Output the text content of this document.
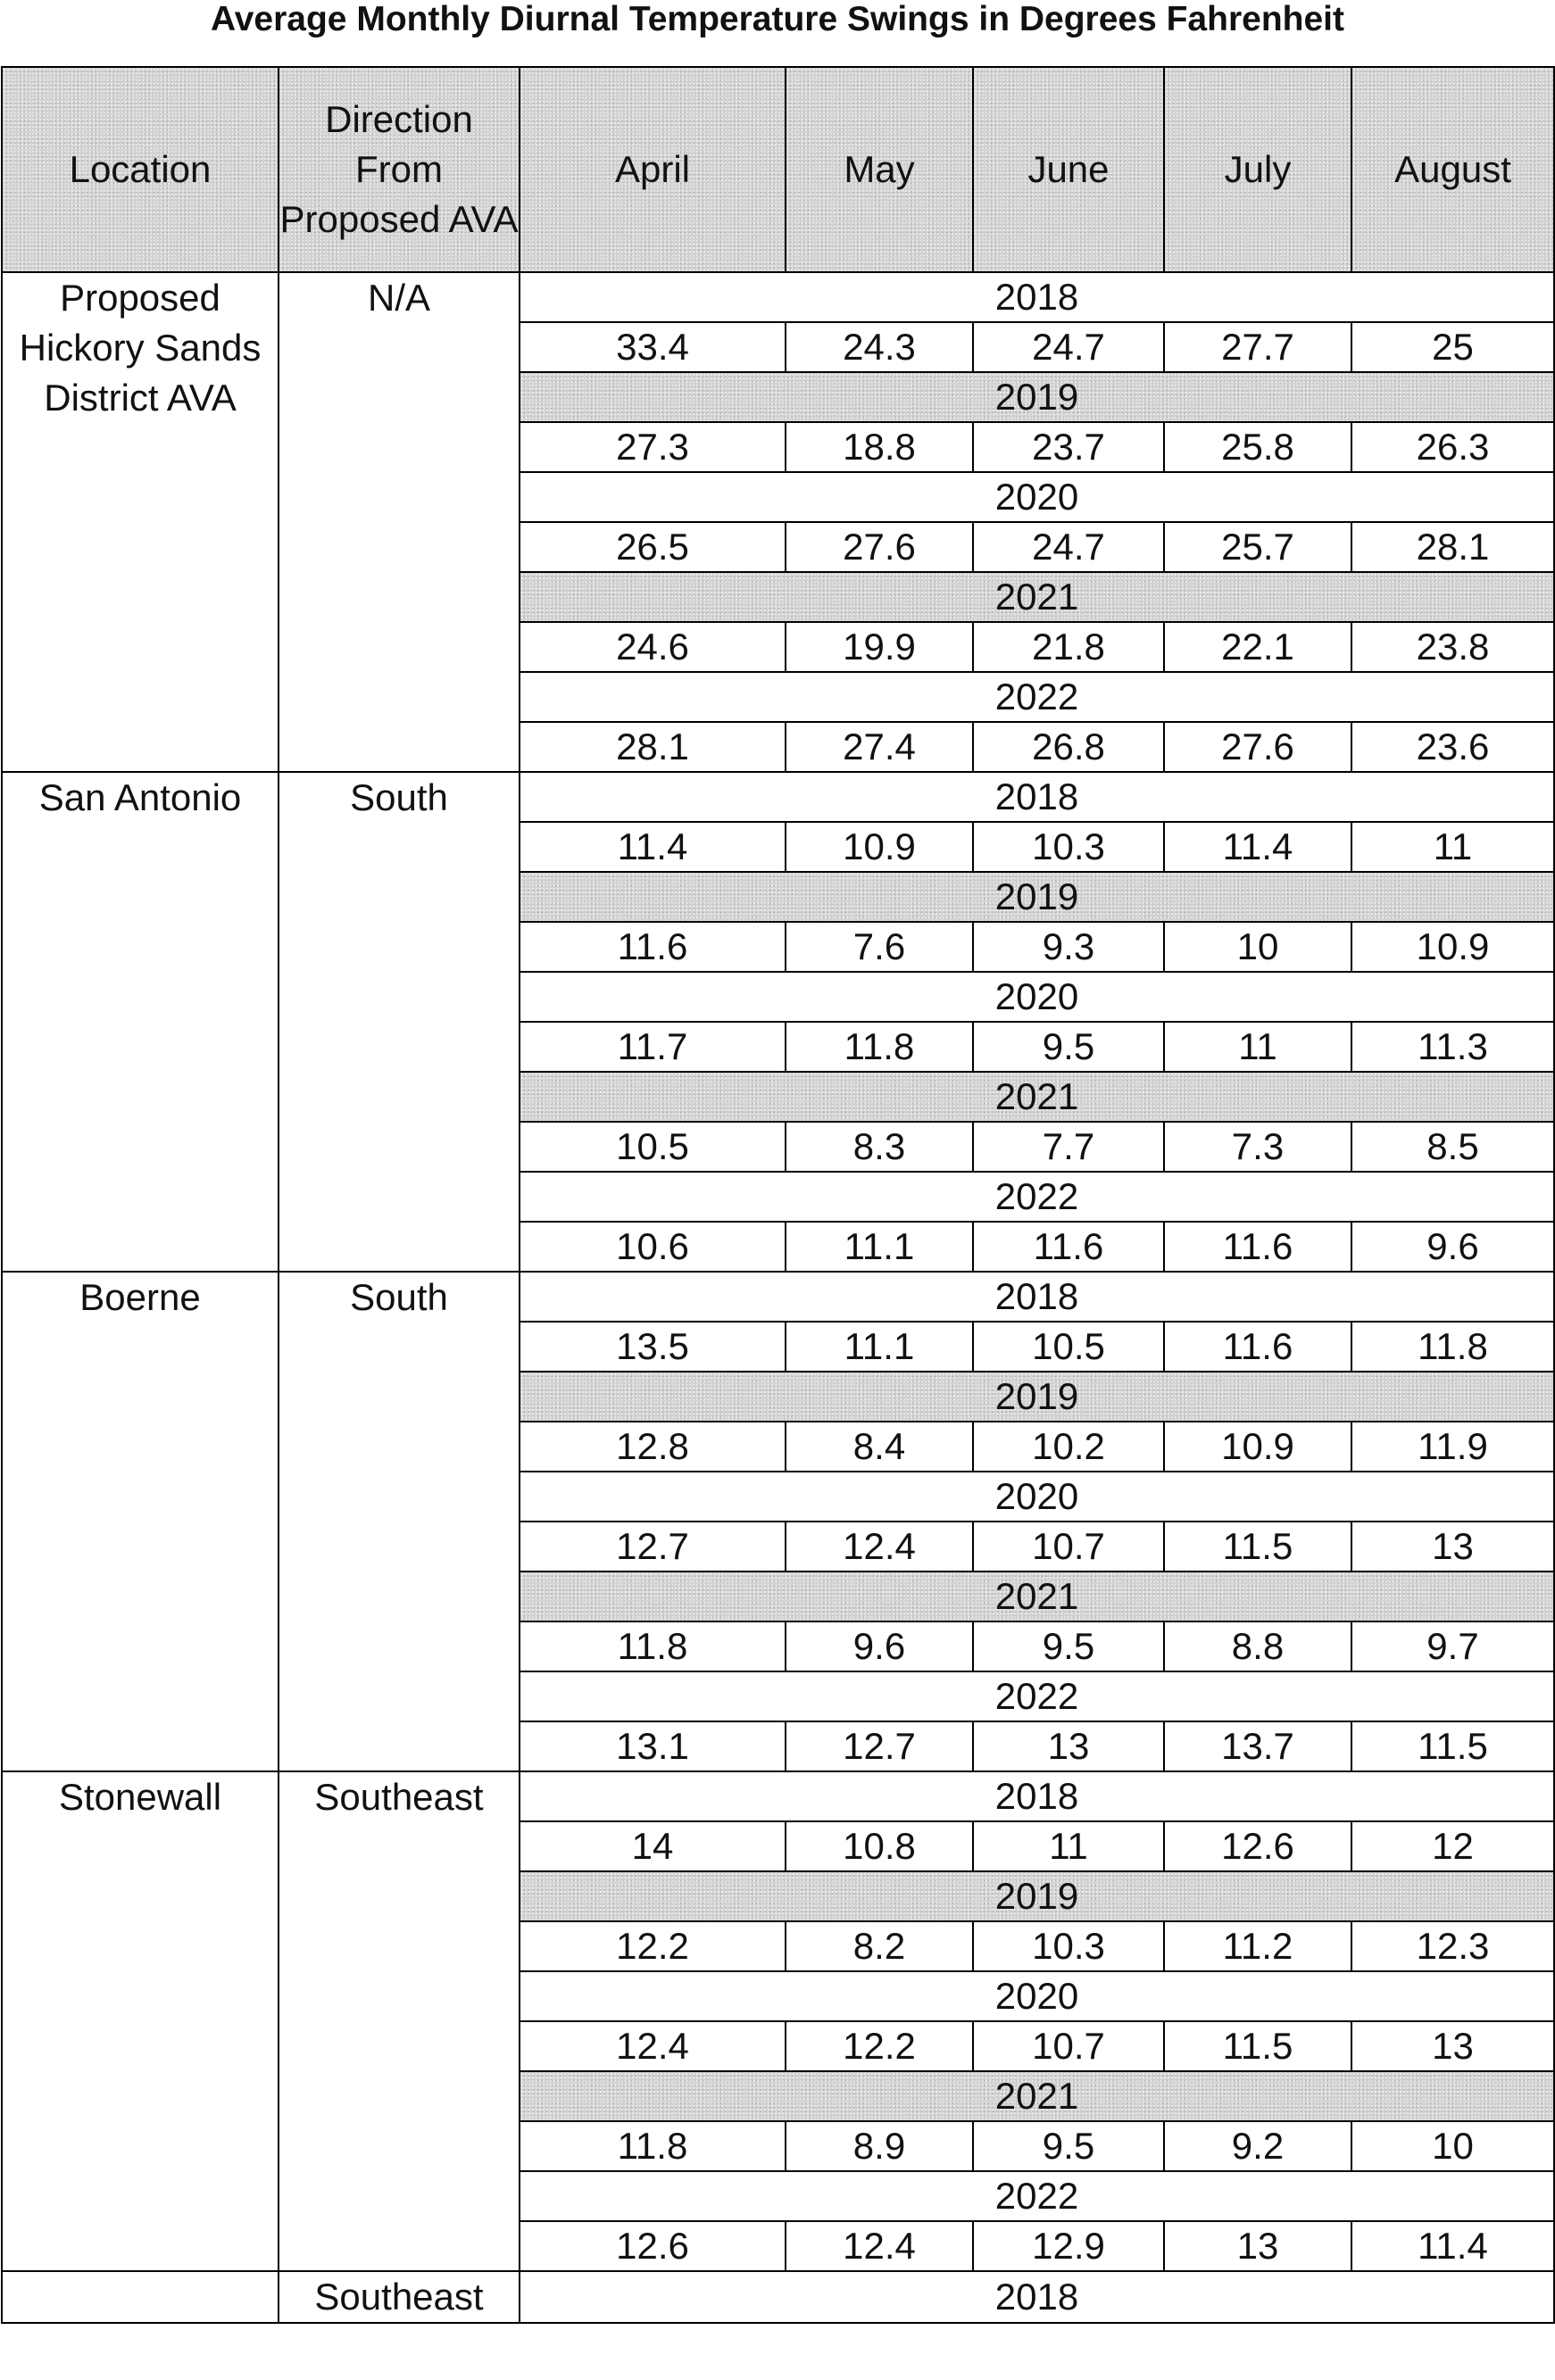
Average Monthly Diurnal Temperature Swings in Degrees Fahrenheit
Location	Direction From Proposed AVA	April	May	June	July	August
Proposed Hickory Sands District AVA	N/A	2018				
		33.4	24.3	24.7	27.7	25
		2019				
		27.3	18.8	23.7	25.8	26.3
		2020				
		26.5	27.6	24.7	25.7	28.1
		2021				
		24.6	19.9	21.8	22.1	23.8
		2022				
		28.1	27.4	26.8	27.6	23.6
San Antonio	South	2018				
		11.4	10.9	10.3	11.4	11
		2019				
		11.6	7.6	9.3	10	10.9
		2020				
		11.7	11.8	9.5	11	11.3
		2021				
		10.5	8.3	7.7	7.3	8.5
		2022				
		10.6	11.1	11.6	11.6	9.6
Boerne	South	2018				
		13.5	11.1	10.5	11.6	11.8
		2019				
		12.8	8.4	10.2	10.9	11.9
		2020				
		12.7	12.4	10.7	11.5	13
		2021				
		11.8	9.6	9.5	8.8	9.7
		2022				
		13.1	12.7	13	13.7	11.5
Stonewall	Southeast	2018				
		14	10.8	11	12.6	12
		2019				
		12.2	8.2	10.3	11.2	12.3
		2020				
		12.4	12.2	10.7	11.5	13
		2021				
		11.8	8.9	9.5	9.2	10
		2022				
		12.6	12.4	12.9	13	11.4
	Southeast	2018				
